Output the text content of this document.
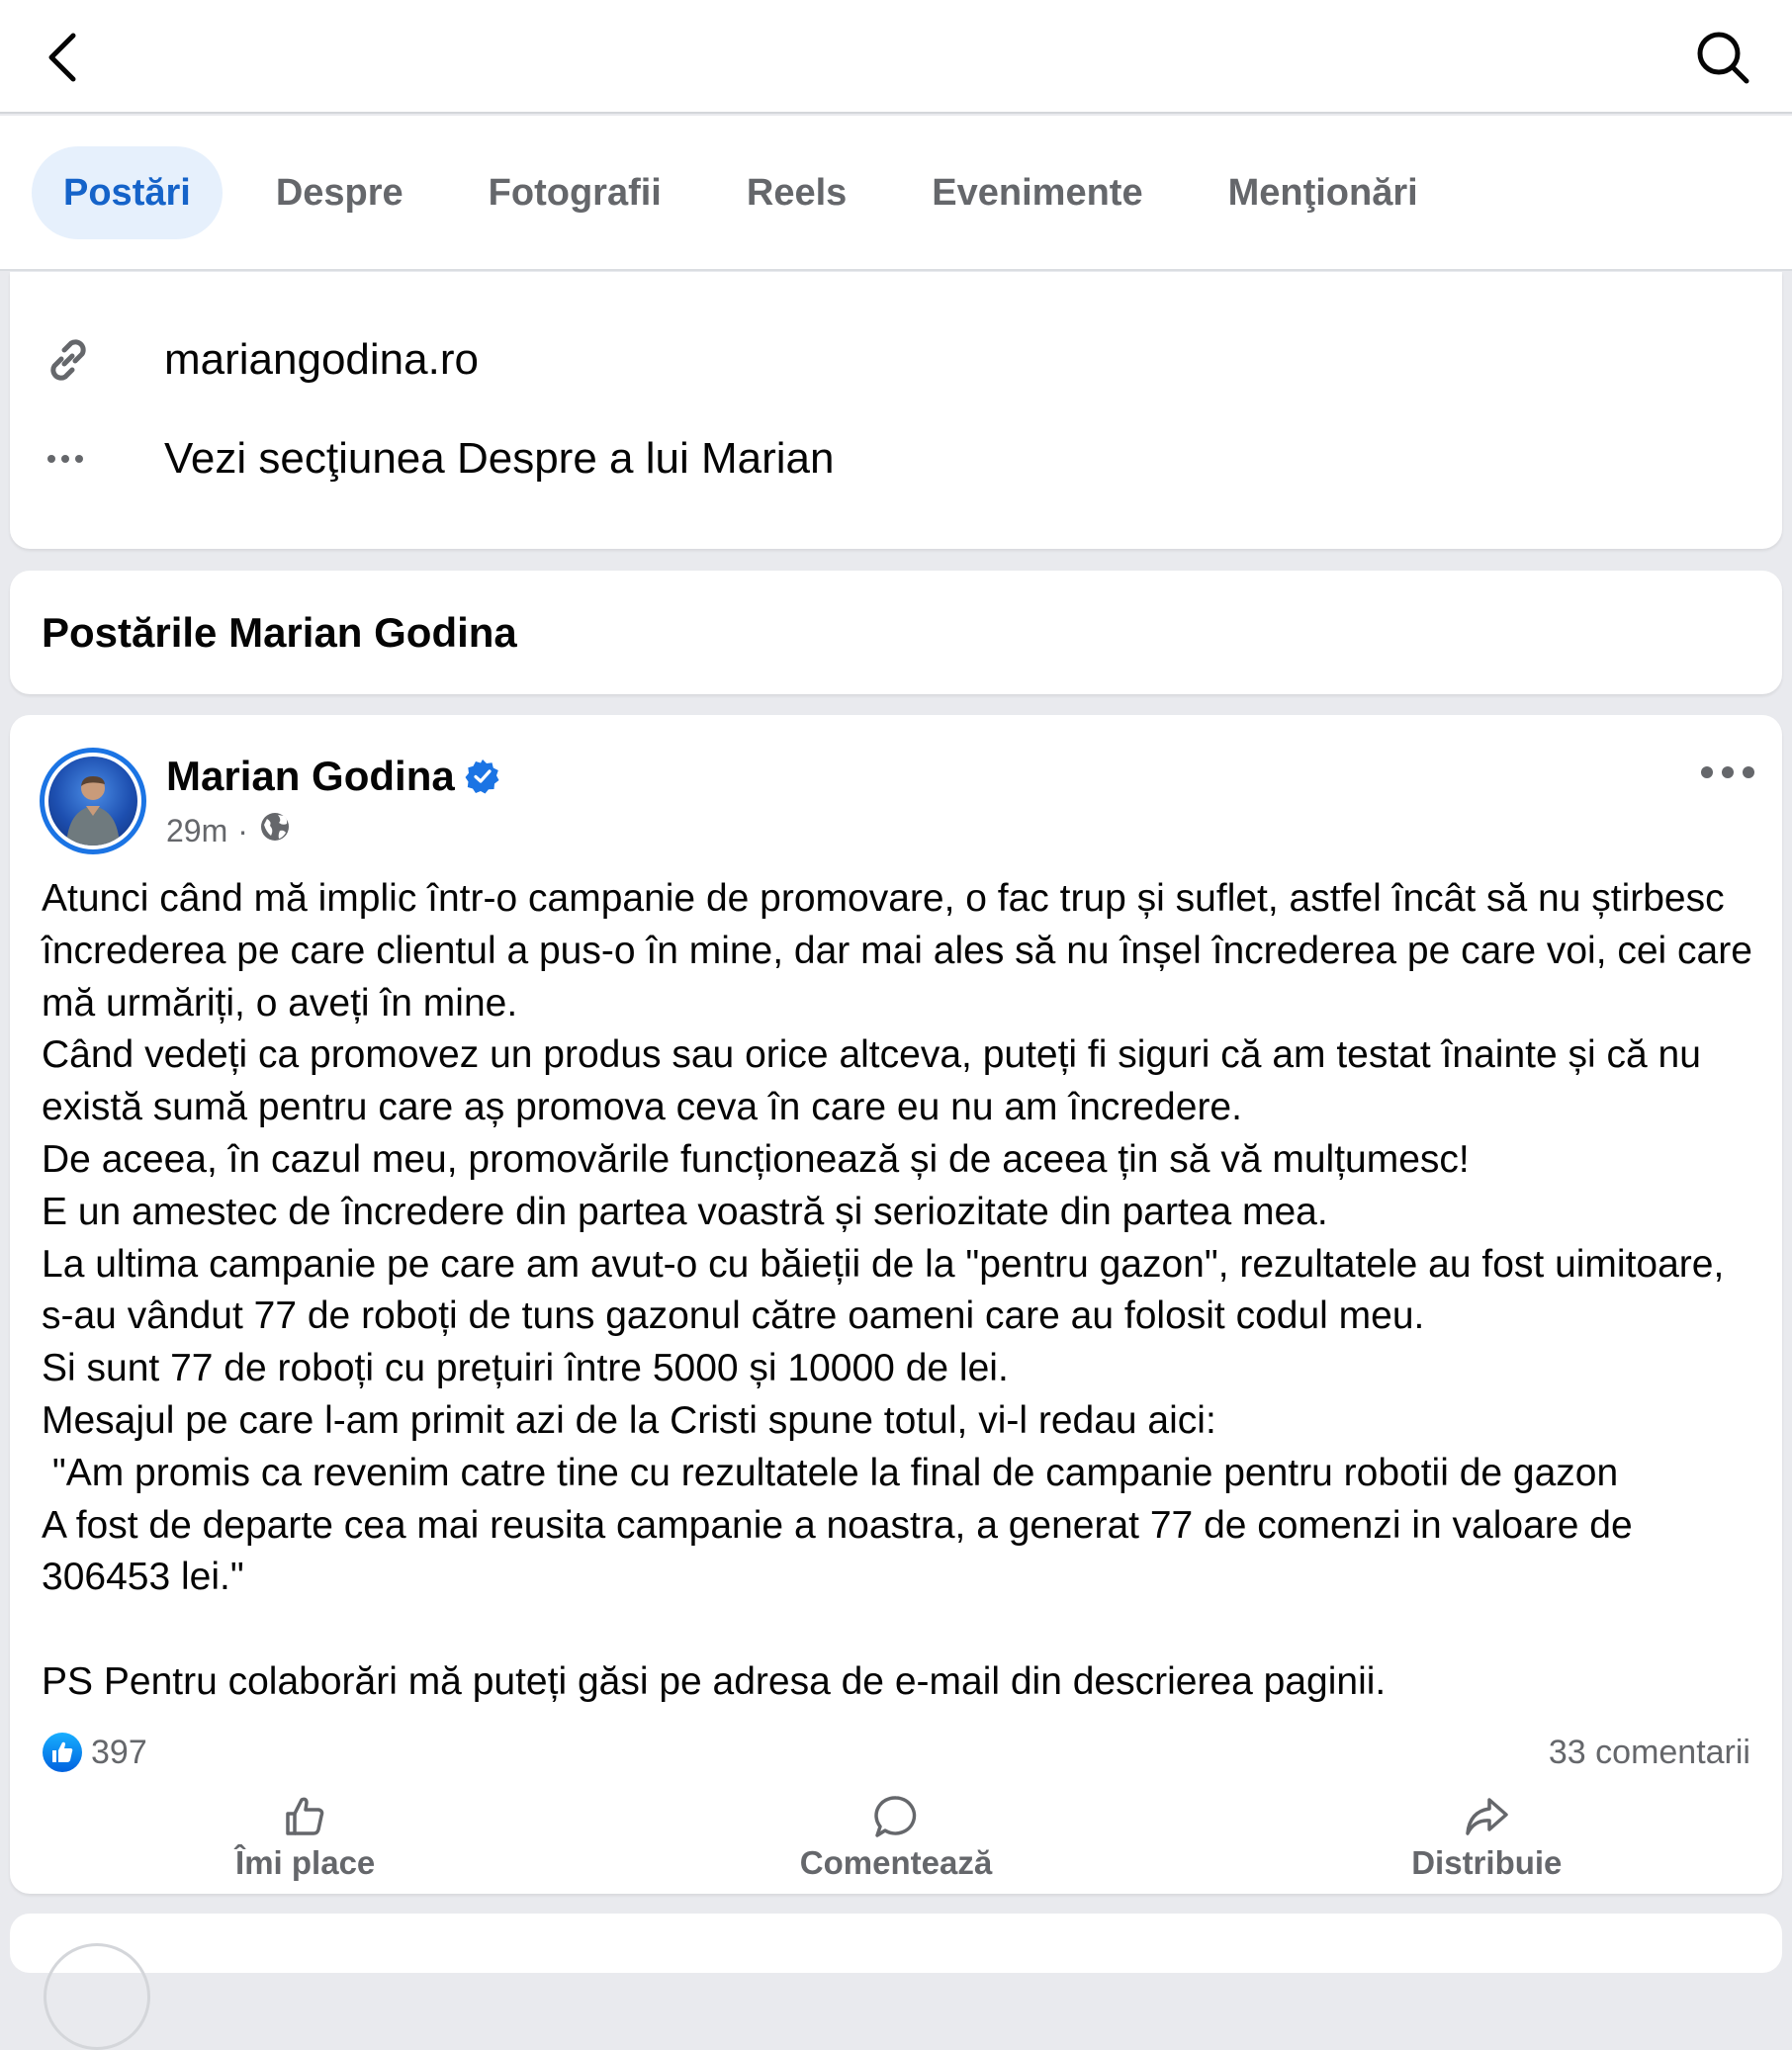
Postări	Despre	Fotografii	Reels	Evenimente	Menţionări
mariangodina.ro
Vezi secţiunea Despre a lui Marian
Postările Marian Godina
Marian Godina
29m ·

Atunci când mă implic într-o campanie de promovare, o fac trup și suflet, astfel încât să nu știrbesc încrederea pe care clientul a pus-o în mine, dar mai ales să nu înșel încrederea pe care voi, cei care mă urmăriți, o aveți în mine.

Când vedeți ca promovez un produs sau orice altceva, puteți fi siguri că am testat înainte și că nu există sumă pentru care aș promova ceva în care eu nu am încredere.

De aceea, în cazul meu, promovările funcționează și de aceea țin să vă mulțumesc!

E un amestec de încredere din partea voastră și seriozitate din partea mea.

La ultima campanie pe care am avut-o cu băieții de la "pentru gazon", rezultatele au fost uimitoare, s-au vândut 77 de roboți de tuns gazonul către oameni care au folosit codul meu.

Si sunt 77 de roboți cu prețuiri între 5000 și 10000 de lei.

Mesajul pe care l-am primit azi de la Cristi spune totul, vi-l redau aici:

"Am promis ca revenim catre tine cu rezultatele la final de campanie pentru robotii de gazon

A fost de departe cea mai reusita campanie a noastra, a generat 77 de comenzi in valoare de 306453 lei."

PS Pentru colaborări mă puteți găsi pe adresa de e-mail din descrierea paginii.

397	33 comentarii
Îmi place	Comentează	Distribuie
